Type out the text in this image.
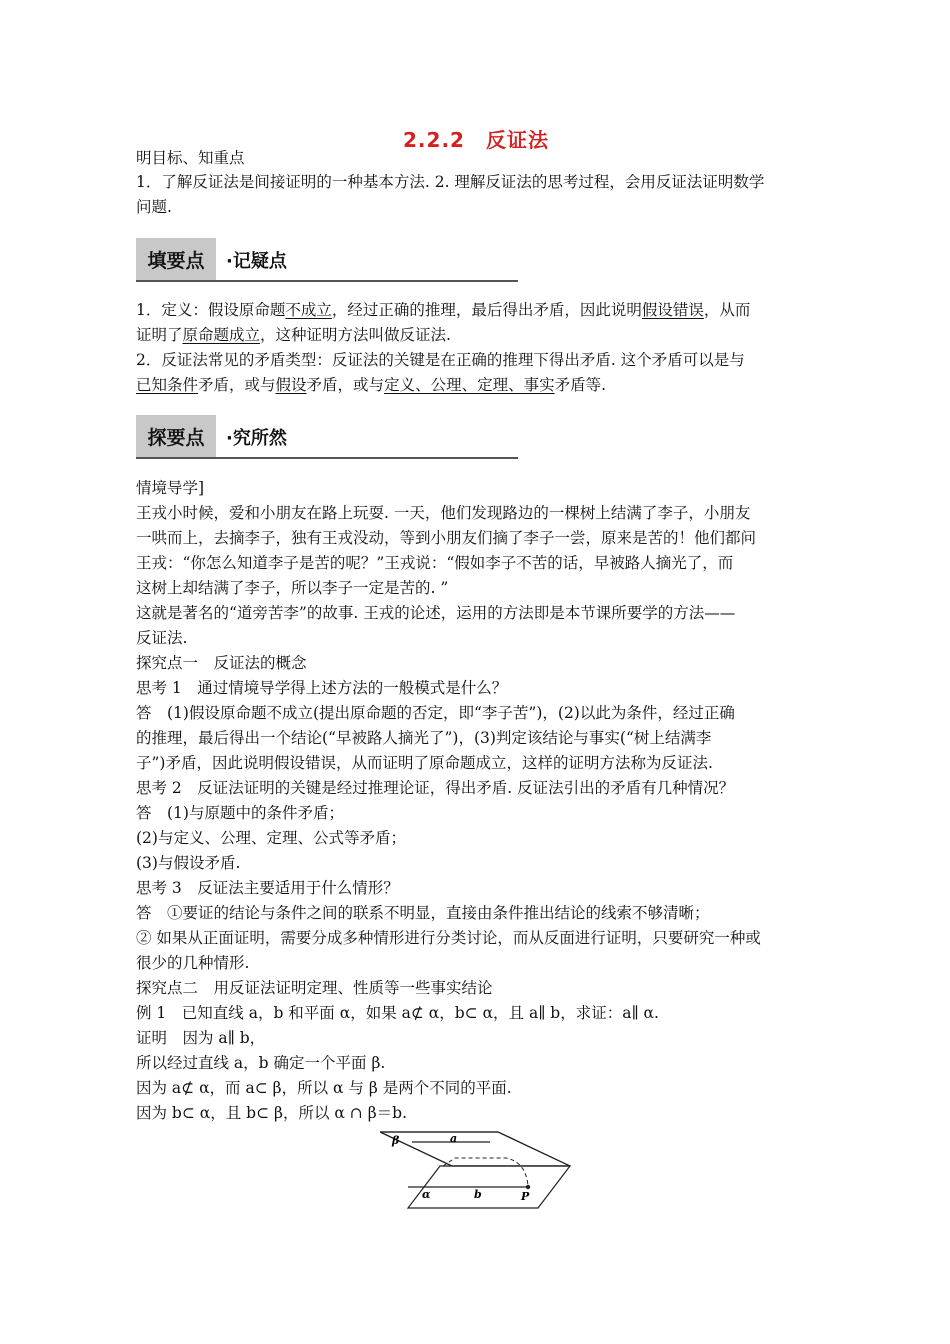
2.2.2　反证法
明目标、知重点
1．了解反证法是间接证明的一种基本方法. 2. 理解反证法的思考过程，会用反证法证明数学
问题.
填要点	·记疑点
1．定义：假设原命题不成立，经过正确的推理，最后得出矛盾，因此说明假设错误，从而
证明了原命题成立，这种证明方法叫做反证法.
2．反证法常见的矛盾类型：反证法的关键是在正确的推理下得出矛盾. 这个矛盾可以是与
已知条件矛盾，或与假设矛盾，或与定义、公理、定理、事实矛盾等.
探要点	·究所然
情境导学]
王戎小时候，爱和小朋友在路上玩耍. 一天，他们发现路边的一棵树上结满了李子，小朋友
一哄而上，去摘李子，独有王戎没动，等到小朋友们摘了李子一尝，原来是苦的！他们都问
王戎：“你怎么知道李子是苦的呢？”王戎说：“假如李子不苦的话，早被路人摘光了，而
这树上却结满了李子，所以李子一定是苦的. ”
这就是著名的“道旁苦李”的故事. 王戎的论述，运用的方法即是本节课所要学的方法——
反证法.
探究点一　反证法的概念
思考 1　通过情境导学得上述方法的一般模式是什么？
答　(1)假设原命题不成立(提出原命题的否定，即“李子苦”)，(2)以此为条件，经过正确
的推理，最后得出一个结论(“早被路人摘光了”)，(3)判定该结论与事实(“树上结满李
子”)矛盾，因此说明假设错误，从而证明了原命题成立，这样的证明方法称为反证法.
思考 2　反证法证明的关键是经过推理论证，得出矛盾. 反证法引出的矛盾有几种情况？
答　(1)与原题中的条件矛盾；
(2)与定义、公理、定理、公式等矛盾；
(3)与假设矛盾.
思考 3　反证法主要适用于什么情形？
答　①要证的结论与条件之间的联系不明显，直接由条件推出结论的线索不够清晰；
② 如果从正面证明，需要分成多种情形进行分类讨论，而从反面进行证明，只要研究一种或
很少的几种情形.
探究点二　用反证法证明定理、性质等一些事实结论
例 1　已知直线 a，b 和平面 α，如果 a⊄ α，b⊂ α，且 a∥ b，求证：a∥ α.
证明　因为 a∥ b，
所以经过直线 a，b 确定一个平面 β.
因为 a⊄ α，而 a⊂ β，所以 α 与 β 是两个不同的平面.
因为 b⊂ α，且 b⊂ β，所以 α ∩ β＝b.
β	a
α	b	P
